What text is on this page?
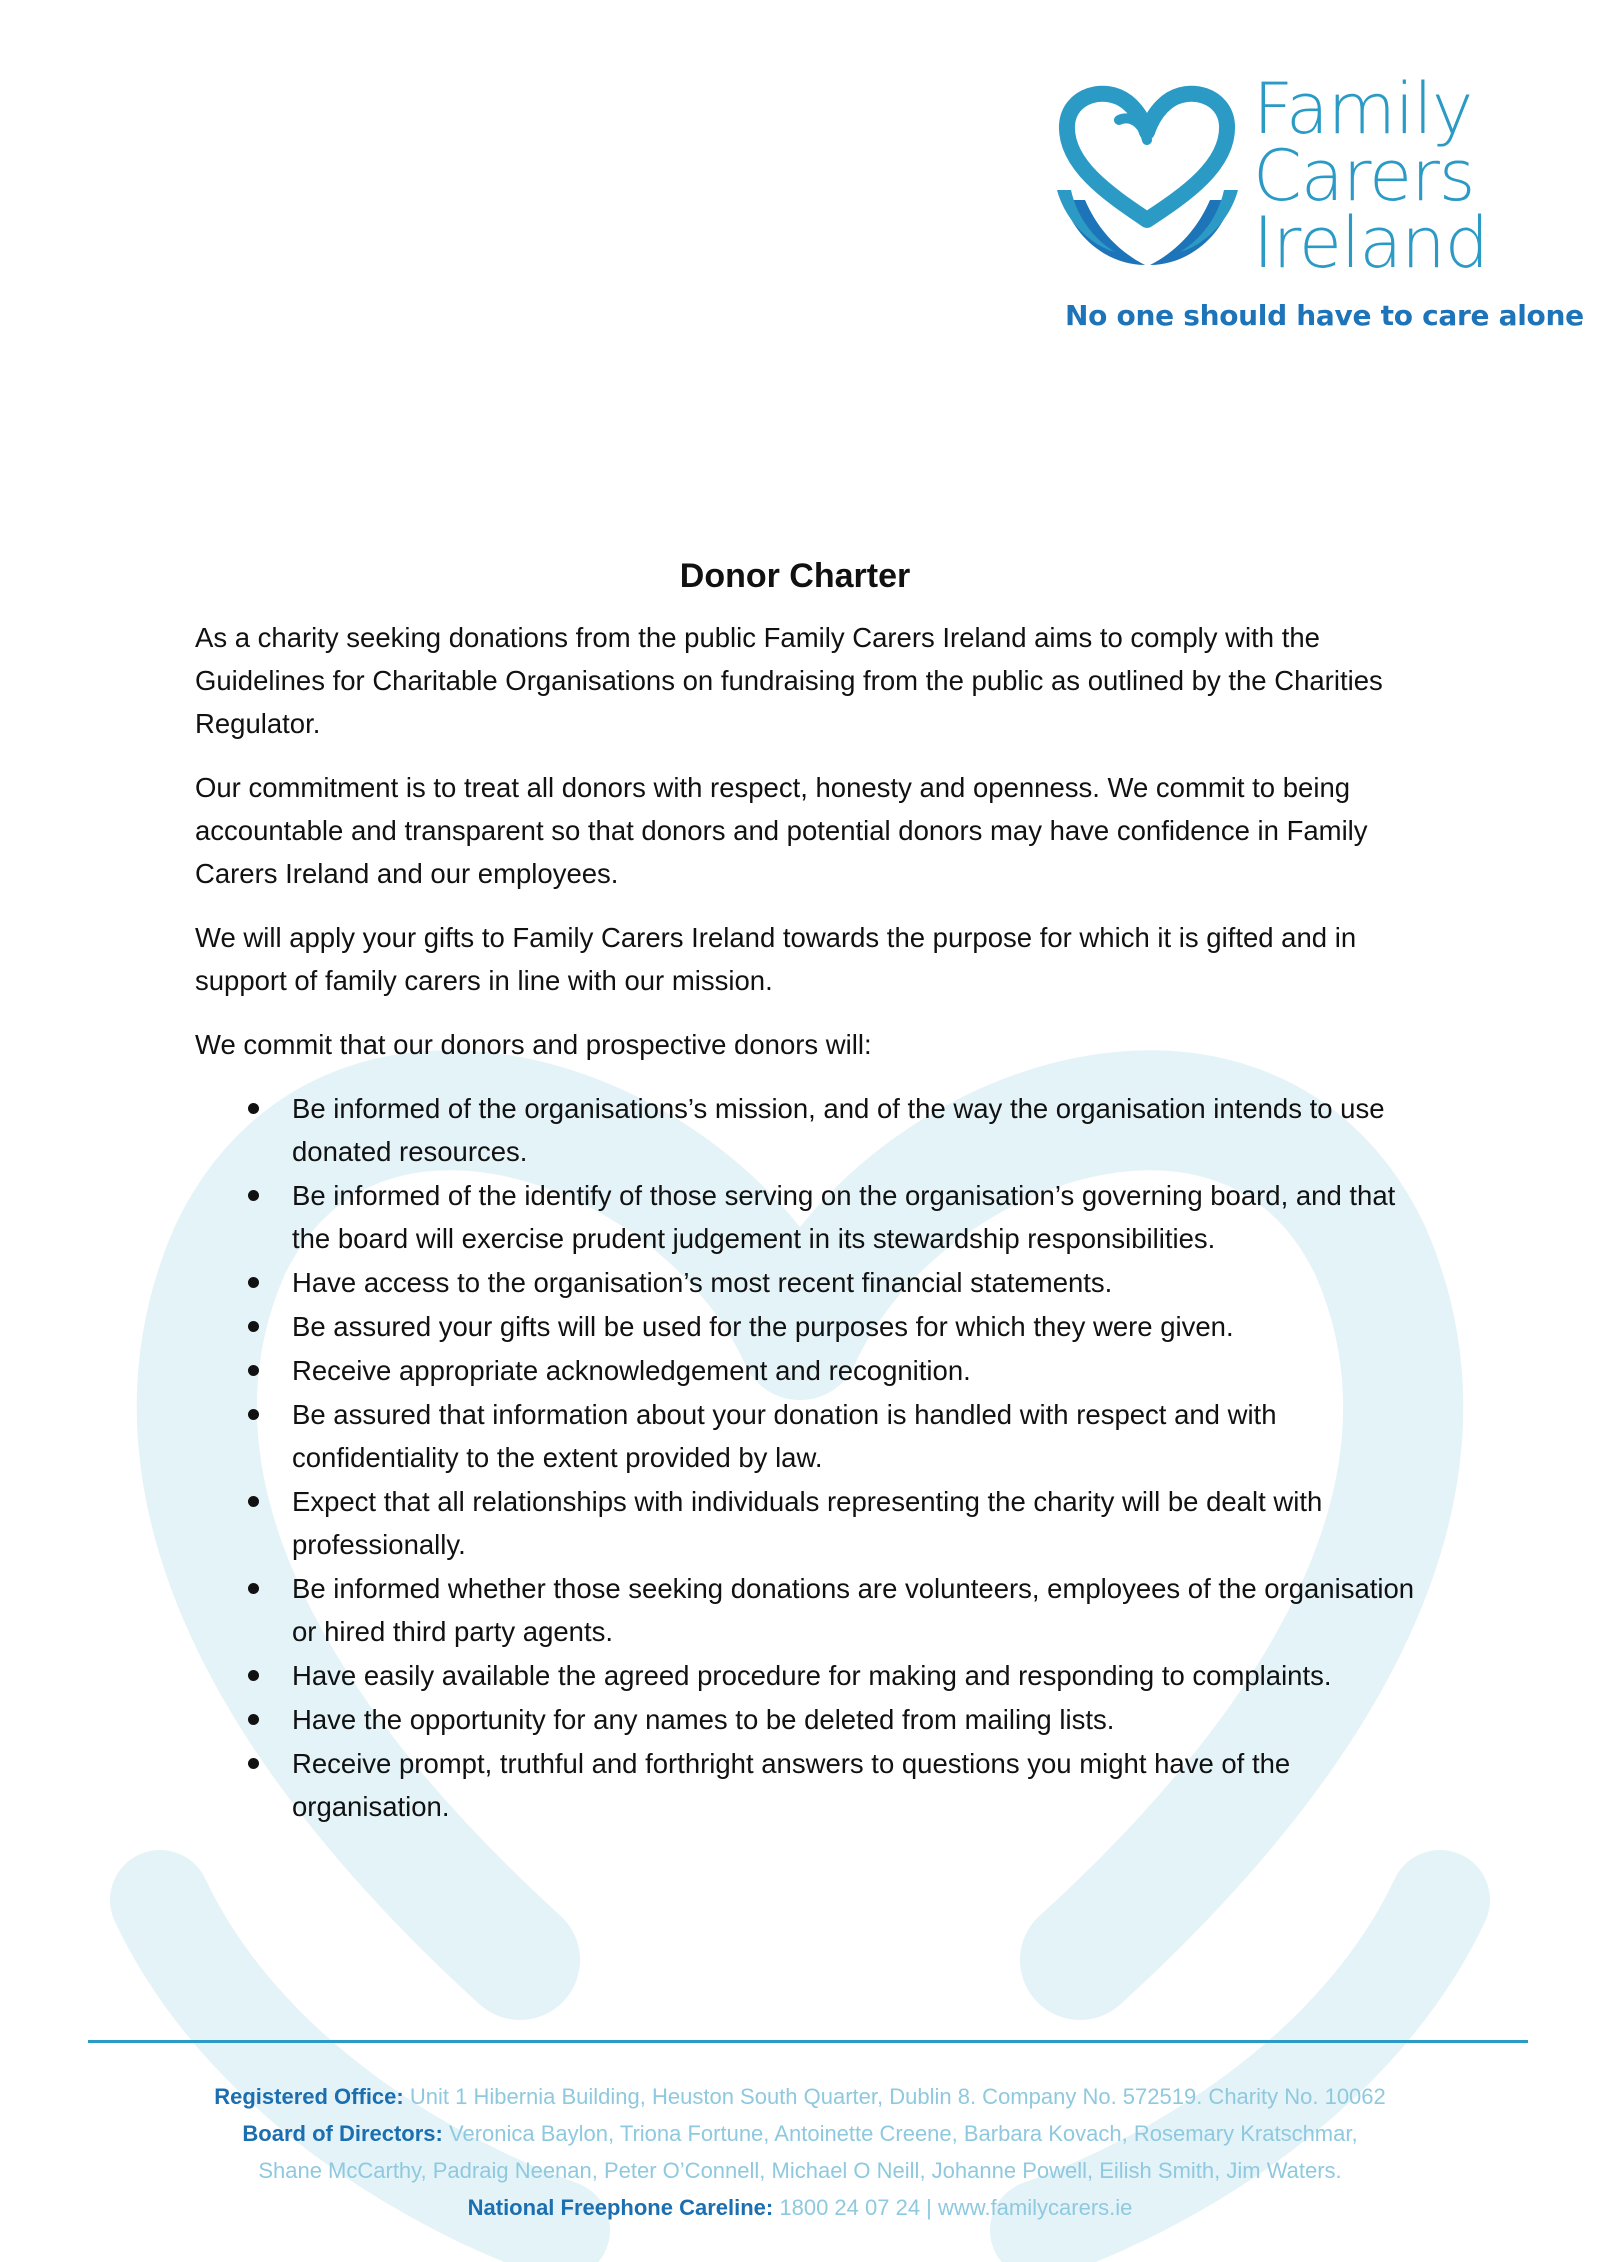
Family
Carers
Ireland
No one should have to care alone
Donor Charter

As a charity seeking donations from the public Family Carers Ireland aims to comply with the Guidelines for Charitable Organisations on fundraising from the public as outlined by the Charities Regulator.

Our commitment is to treat all donors with respect, honesty and openness. We commit to being accountable and transparent so that donors and potential donors may have confidence in Family Carers Ireland and our employees.

We will apply your gifts to Family Carers Ireland towards the purpose for which it is gifted and in support of family carers in line with our mission.

We commit that our donors and prospective donors will:

Be informed of the organisations’s mission, and of the way the organisation intends to use donated resources.
Be informed of the identify of those serving on the organisation’s governing board, and that the board will exercise prudent judgement in its stewardship responsibilities.
Have access to the organisation’s most recent financial statements.
Be assured your gifts will be used for the purposes for which they were given.
Receive appropriate acknowledgement and recognition.
Be assured that information about your donation is handled with respect and with confidentiality to the extent provided by law.
Expect that all relationships with individuals representing the charity will be dealt with professionally.
Be informed whether those seeking donations are volunteers, employees of the organisation or hired third party agents.
Have easily available the agreed procedure for making and responding to complaints.
Have the opportunity for any names to be deleted from mailing lists.
Receive prompt, truthful and forthright answers to questions you might have of the organisation.
Registered Office: Unit 1 Hibernia Building, Heuston South Quarter, Dublin 8. Company No. 572519. Charity No. 10062
Board of Directors: Veronica Baylon, Triona Fortune, Antoinette Creene, Barbara Kovach, Rosemary Kratschmar,
Shane McCarthy, Padraig Neenan, Peter O’Connell, Michael O Neill, Johanne Powell, Eilish Smith, Jim Waters.
National Freephone Careline: 1800 24 07 24 | www.familycarers.ie
